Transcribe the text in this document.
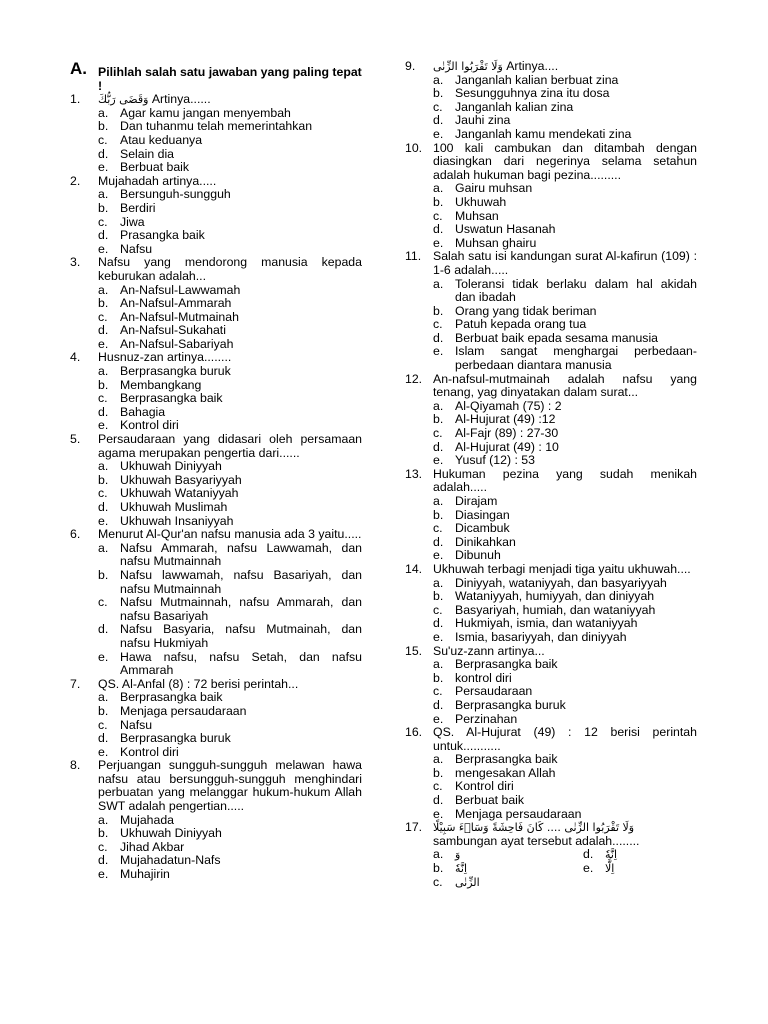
A. Pilihlah salah satu jawaban yang paling tepat !
1. وَقَضَى رَبُّكَ Artinya......
a. Agar kamu jangan menyembah
b. Dan tuhanmu telah memerintahkan
c. Atau keduanya
d. Selain dia
e. Berbuat baik
2. Mujahadah artinya.....
a. Bersunguh-sungguh
b. Berdiri
c. Jiwa
d. Prasangka baik
e. Nafsu
3. Nafsu yang mendorong manusia kepada keburukan adalah...
a. An-Nafsul-Lawwamah
b. An-Nafsul-Ammarah
c. An-Nafsul-Mutmainah
d. An-Nafsul-Sukahati
e. An-Nafsul-Sabariyah
4. Husnuz-zan artinya........
a. Berprasangka buruk
b. Membangkang
c. Berprasangka baik
d. Bahagia
e. Kontrol diri
5. Persaudaraan yang didasari oleh persamaan agama merupakan pengertia dari......
a. Ukhuwah Diniyyah
b. Ukhuwah Basyariyyah
c. Ukhuwah Wataniyyah
d. Ukhuwah Muslimah
e. Ukhuwah Insaniyyah
6. Menurut Al-Qur'an nafsu manusia ada 3 yaitu.....
a. Nafsu Ammarah, nafsu Lawwamah, dan nafsu Mutmainnah
b. Nafsu lawwamah, nafsu Basariyah, dan nafsu Mutmainnah
c. Nafsu Mutmainnah, nafsu Ammarah, dan nafsu Basariyah
d. Nafsu Basyaria, nafsu Mutmainah, dan nafsu Hukmiyah
e. Hawa nafsu, nafsu Setah, dan nafsu Ammarah
7. QS. Al-Anfal (8) : 72 berisi perintah...
a. Berprasangka baik
b. Menjaga persaudaraan
c. Nafsu
d. Berprasangka buruk
e. Kontrol diri
8. Perjuangan sungguh-sungguh melawan hawa nafsu atau bersungguh-sungguh menghindari perbuatan yang melanggar hukum-hukum Allah SWT adalah pengertian.....
a. Mujahada
b. Ukhuwah Diniyyah
c. Jihad Akbar
d. Mujahadatun-Nafs
e. Muhajirin
9. وَلَا تَقْرَبُوا الزِّنٰى Artinya....
a. Janganlah kalian berbuat zina
b. Sesungguhnya zina itu dosa
c. Janganlah kalian zina
d. Jauhi zina
e. Janganlah kamu mendekati zina
10. 100 kali cambukan dan ditambah dengan diasingkan dari negerinya selama setahun adalah hukuman bagi pezina.........
a. Gairu muhsan
b. Ukhuwah
c. Muhsan
d. Uswatun Hasanah
e. Muhsan ghairu
11. Salah satu isi kandungan surat Al-kafirun (109) : 1-6 adalah.....
a. Toleransi tidak berlaku dalam hal akidah dan ibadah
b. Orang yang tidak beriman
c. Patuh kepada orang tua
d. Berbuat baik epada sesama manusia
e. Islam sangat menghargai perbedaan-perbedaan diantara manusia
12. An-nafsul-mutmainah adalah nafsu yang tenang, yag dinyatakan dalam surat...
a. Al-Qiyamah (75) : 2
b. Al-Hujurat (49) :12
c. Al-Fajr (89) : 27-30
d. Al-Hujurat (49) : 10
e. Yusuf (12) : 53
13. Hukuman pezina yang sudah menikah adalah.....
a. Dirajam
b. Diasingan
c. Dicambuk
d. Dinikahkan
e. Dibunuh
14. Ukhuwah terbagi menjadi tiga yaitu ukhuwah....
a. Diniyyah, wataniyyah, dan basyariyyah
b. Wataniyyah, humiyyah, dan diniyyah
c. Basyariyah, humiah, dan wataniyyah
d. Hukmiyah, ismia, dan wataniyyah
e. Ismia, basariyyah, dan diniyyah
15. Su'uz-zann artinya...
a. Berprasangka baik
b. kontrol diri
c. Persaudaraan
d. Berprasangka buruk
e. Perzinahan
16. QS. Al-Hujurat (49) : 12 berisi perintah untuk...........
a. Berprasangka baik
b. mengesakan Allah
c. Kontrol diri
d. Berbuat baik
e. Menjaga persaudaraan
17. وَلَا تَقْرَبُوا الزِّنٰى .... كَانَ فَاحِشَةً وَسَاۤءَ سَبِيْلًا
sambungan ayat tersebut adalah........
a. وَ	d. اِنَّهٗ
b. اِنَّهٗ	e. اِلَّا
c. الزِّنٰى
